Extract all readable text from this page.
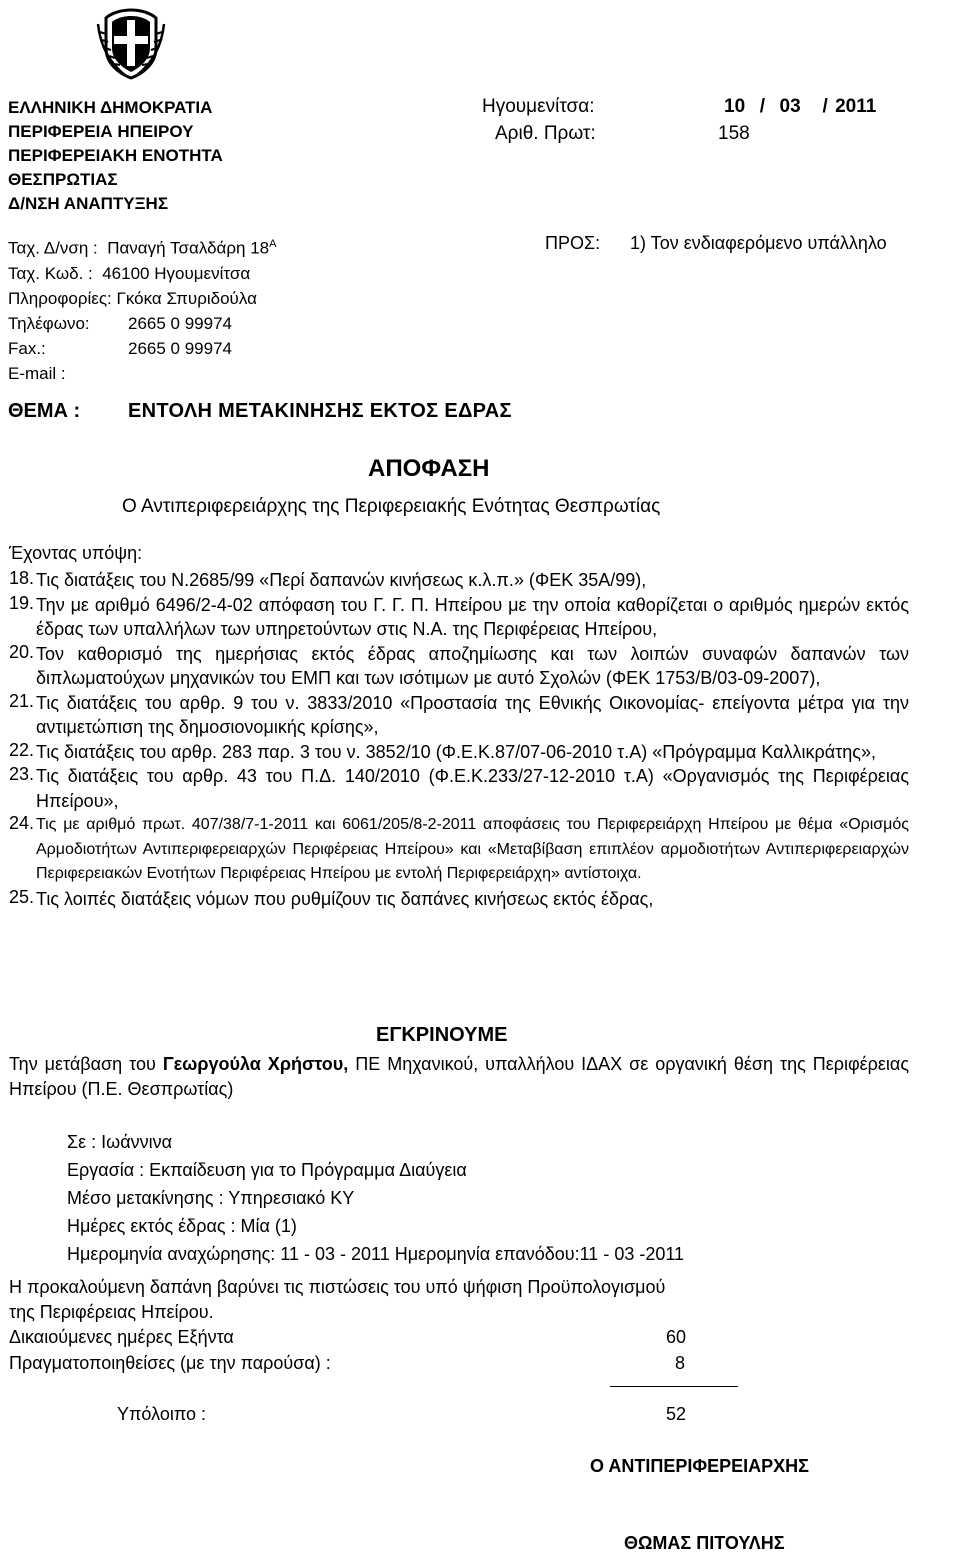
ΕΛΛΗΝΙΚΗ ΔΗΜΟΚΡΑΤΙΑ
ΠΕΡΙΦΕΡΕΙΑ ΗΠΕΙΡΟΥ
ΠΕΡΙΦΕΡΕΙΑΚΗ ΕΝΟΤΗΤΑ
ΘΕΣΠΡΩΤΙΑΣ
Δ/ΝΣΗ ΑΝΑΠΤΥΞΗΣ
Ταχ. Δ/νση : Παναγή Τσαλδάρη $18^A$
Ταχ. Κωδ. : 46100 Ηγουμενίτσα
Πληροφορίες: Γκόκα Σπυριδούλα
Τηλέφωνο: 2665 0 99974
Fax.:	2665 0 99974
E-mail :
Ηγουμενίτσα:	10 / 03 / 2011
Αριθ. Πρωτ:	158
ΠΡΟΣ: 1) Τον ενδιαφερόμενο υπάλληλο
ΘΕΜΑ : ΕΝΤΟΛΗ ΜΕΤΑΚΙΝΗΣΗΣ ΕΚΤΟΣ ΕΔΡΑΣ
ΑΠΟΦΑΣΗ
Ο Αντιπεριφερειάρχης της Περιφερειακής Ενότητας Θεσπρωτίας
Έχοντας υπόψη:
18. Τις διατάξεις του Ν.2685/99 «Περί δαπανών κινήσεως κ.λ.π.» (ΦΕΚ 35Α/99),
19. Την με αριθμό 6496/2-4-02 απόφαση του Γ. Γ. Π. Ηπείρου με την οποία καθορίζεται ο αριθμός ημερών εκτός έδρας των υπαλλήλων των υπηρετούντων στις Ν.Α. της Περιφέρειας Ηπείρου,
20. Τον καθορισμό της ημερήσιας εκτός έδρας αποζημίωσης και των λοιπών συναφών δαπανών των διπλωματούχων μηχανικών του ΕΜΠ και των ισότιμων με αυτό Σχολών (ΦΕΚ 1753/Β/03-09-2007),
21. Τις διατάξεις του αρθρ. 9 του ν. 3833/2010 «Προστασία της Εθνικής Οικονομίας- επείγοντα μέτρα για την αντιμετώπιση της δημοσιονομικής κρίσης»,
22. Τις διατάξεις του αρθρ. 283 παρ. 3 του ν. 3852/10 (Φ.Ε.Κ.87/07-06-2010 τ.Α) «Πρόγραμμα Καλλικράτης»,
23. Τις διατάξεις του αρθρ. 43 του Π.Δ. 140/2010 (Φ.Ε.Κ.233/27-12-2010 τ.Α) «Οργανισμός της Περιφέρειας Ηπείρου»,
24. Τις με αριθμό πρωτ. 407/38/7-1-2011 και 6061/205/8-2-2011 αποφάσεις του Περιφερειάρχη Ηπείρου με θέμα «Ορισμός Αρμοδιοτήτων Αντιπεριφερειαρχών Περιφέρειας Ηπείρου» και «Μεταβίβαση επιπλέον αρμοδιοτήτων Αντιπεριφερειαρχών Περιφερειακών Ενοτήτων Περιφέρειας Ηπείρου με εντολή Περιφερειάρχη» αντίστοιχα.
25. Τις λοιπές διατάξεις νόμων που ρυθμίζουν τις δαπάνες κινήσεως εκτός έδρας,
ΕΓΚΡΙΝΟΥΜΕ
Την μετάβαση του Γεωργούλα Χρήστου, ΠΕ Μηχανικού, υπαλλήλου ΙΔΑΧ σε οργανική θέση της Περιφέρειας Ηπείρου (Π.Ε. Θεσπρωτίας)
Σε : Ιωάννινα
Εργασία : Εκπαίδευση για το Πρόγραμμα Διαύγεια
Μέσο μετακίνησης : Υπηρεσιακό ΚΥ
Ημέρες εκτός έδρας : Μία (1)
Ημερομηνία αναχώρησης: 11 - 03 - 2011 Ημερομηνία επανόδου:11 - 03 -2011
Η προκαλούμενη δαπάνη βαρύνει τις πιστώσεις του υπό ψήφιση Προϋπολογισμού
της Περιφέρειας Ηπείρου.
Δικαιούμενες ημέρες Εξήντα	60
Πραγματοποιηθείσες (με την παρούσα) :	8
Υπόλοιπο :	52
Ο ΑΝΤΙΠΕΡΙΦΕΡΕΙΑΡΧΗΣ
ΘΩΜΑΣ ΠΙΤΟΥΛΗΣ
